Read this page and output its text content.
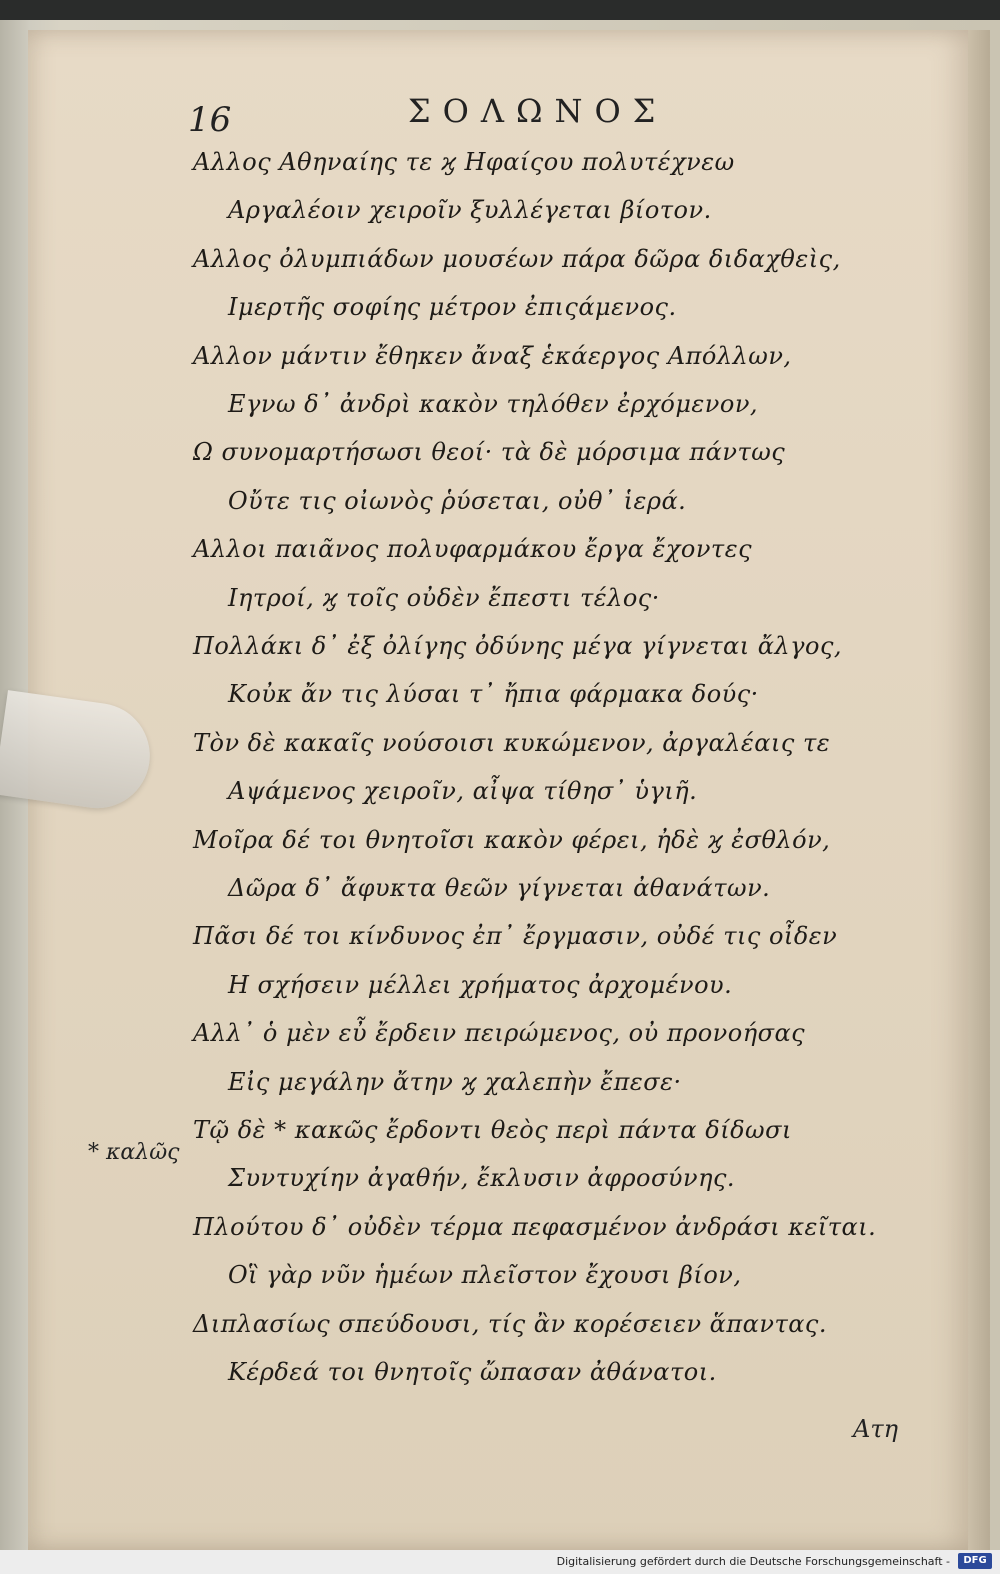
16	ΣΟΛΩΝΟΣ
Αλλος Αθηναίης τε ϗ Ηφαίςου πολυτέχνεω
Αργαλέοιν χειροῖν ξυλλέγεται βίοτον.
Αλλος ὀλυμπιάδων μουσέων πάρα δῶρα διδαχθεὶς,
Ιμερτῆς σοφίης μέτρον ἐπιςάμενος.
Αλλον μάντιν ἔθηκεν ἄναξ ἑκάεργος Απόλλων,
Εγνω δ᾽ ἀνδρὶ κακὸν τηλόθεν ἐρχόμενον,
Ω συνομαρτήσωσι θεοί· τὰ δὲ μόρσιμα πάντως
Οὔτε τις οἰωνὸς ῥύσεται, οὐθ᾽ ἱερά.
Αλλοι παιᾶνος πολυφαρμάκου ἔργα ἔχοντες
Ιητροί, ϗ τοῖς οὐδὲν ἔπεστι τέλος·
Πολλάκι δ᾽ ἐξ ὀλίγης ὀδύνης μέγα γίγνεται ἄλγος,
Κοὐκ ἄν τις λύσαι τ᾽ ἤπια φάρμακα δούς·
Τὸν δὲ κακαῖς νούσοισι κυκώμενον, ἀργαλέαις τε
Αψάμενος χειροῖν, αἶψα τίθησ᾽ ὑγιῆ.
Μοῖρα δέ τοι θνητοῖσι κακὸν φέρει, ἠδὲ ϗ ἐσθλόν,
Δῶρα δ᾽ ἄφυκτα θεῶν γίγνεται ἀθανάτων.
Πᾶσι δέ τοι κίνδυνος ἐπ᾽ ἔργμασιν, οὐδέ τις οἶδεν
Η σχήσειν μέλλει χρήματος ἀρχομένου.
Αλλ᾽ ὁ μὲν εὖ ἔρδειν πειρώμενος, οὐ προνοήσας
Εἰς μεγάλην ἄτην ϗ χαλεπὴν ἔπεσε·
Τῷ δὲ * κακῶς ἔρδοντι θεὸς περὶ πάντα δίδωσι
Συντυχίην ἀγαθήν, ἔκλυσιν ἀφροσύνης.
Πλούτου δ᾽ οὐδὲν τέρμα πεφασμένον ἀνδράσι κεῖται.
Οἳ γὰρ νῦν ἡμέων πλεῖστον ἔχουσι βίον,
Διπλασίως σπεύδουσι, τίς ἂν κορέσειεν ἅπαντας.
Κέρδεά τοι θνητοῖς ὤπασαν ἀθάνατοι.
* καλῶς
Ατη
Digitalisierung gefördert durch die Deutsche Forschungsgemeinschaft -	DFG
